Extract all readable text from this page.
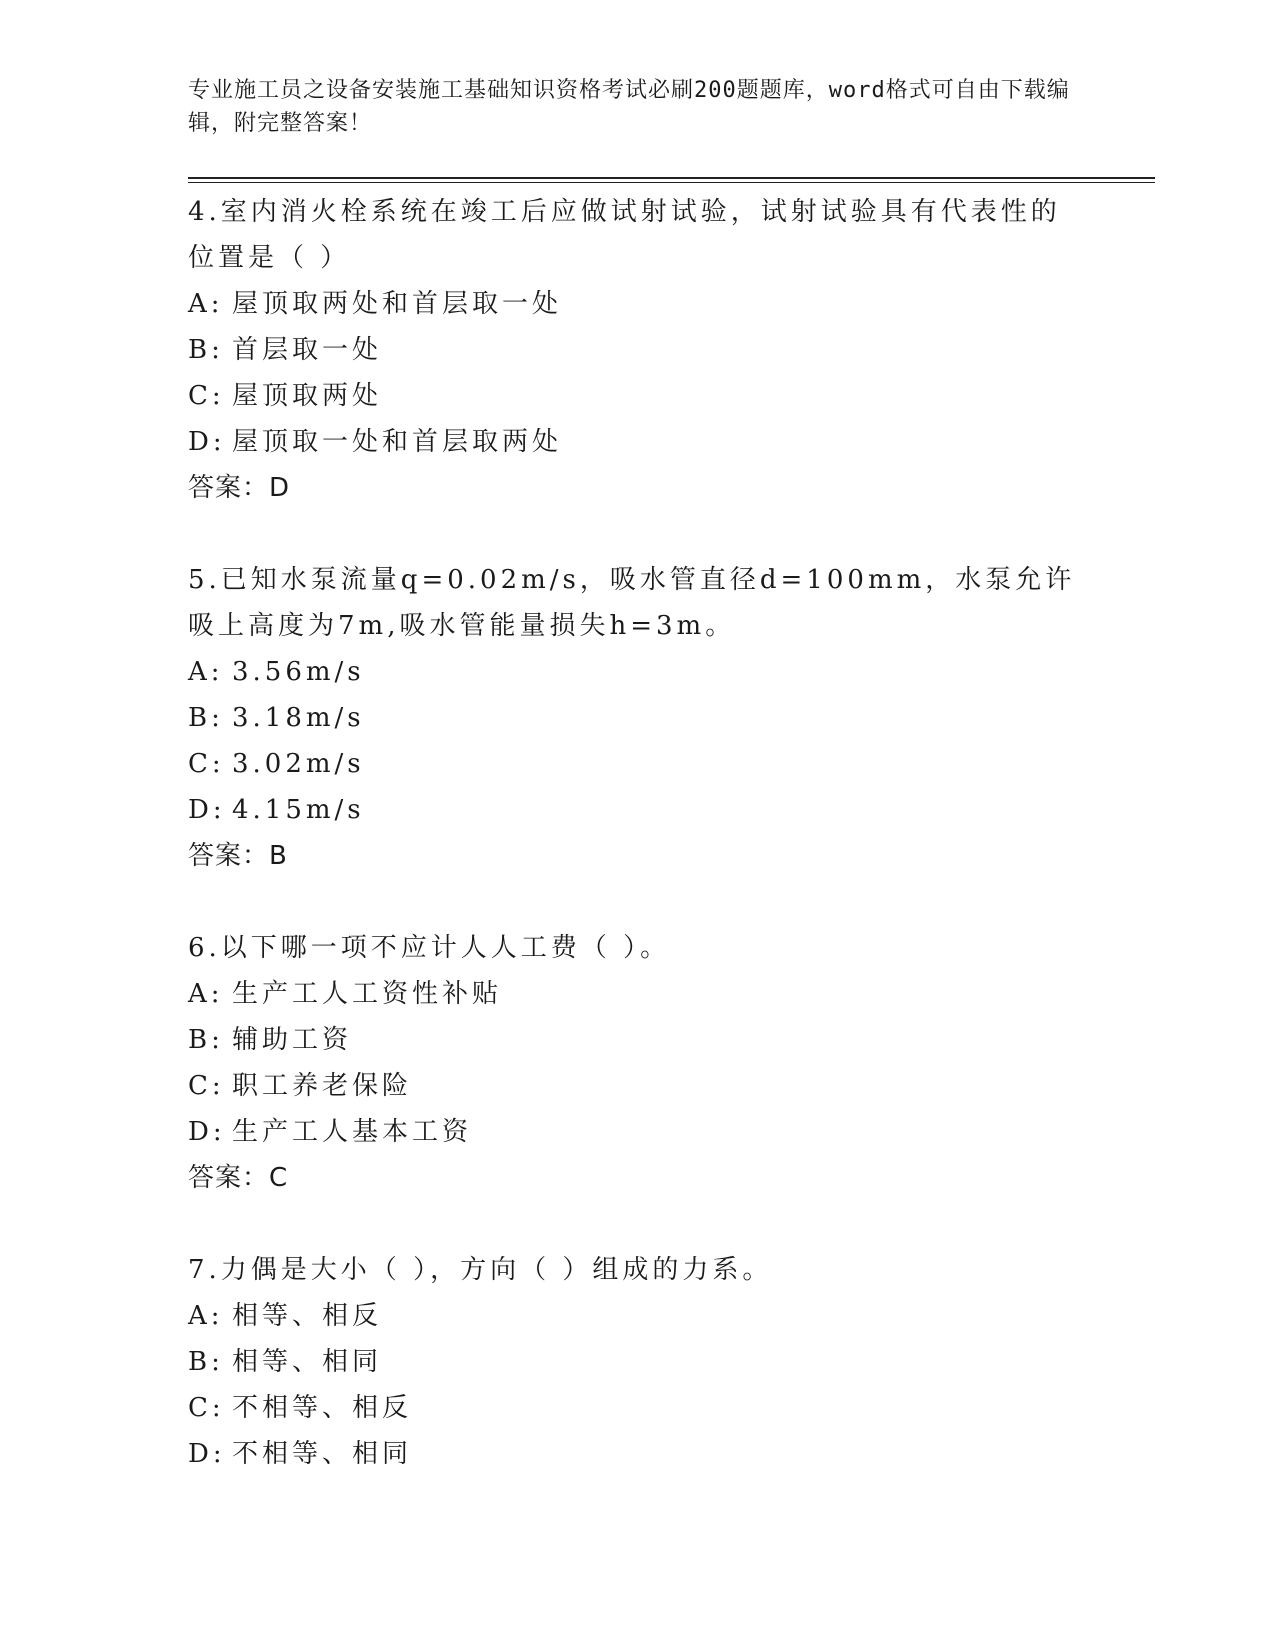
专业施工员之设备安装施工基础知识资格考试必刷200题题库，word格式可自由下载编辑，附完整答案！

4.室内消火栓系统在竣工后应做试射试验，试射试验具有代表性的位置是（ ）

A: 屋顶取两处和首层取一处

B: 首层取一处

C: 屋顶取两处

D: 屋顶取一处和首层取两处

答案：D

5.已知水泵流量q=0.02m/s，吸水管直径d=100mm，水泵允许吸上高度为7m,吸水管能量损失h=3m。

A: 3.56m/s

B: 3.18m/s

C: 3.02m/s

D: 4.15m/s

答案：B

6.以下哪一项不应计人人工费（ ）。

A: 生产工人工资性补贴

B: 辅助工资

C: 职工养老保险

D: 生产工人基本工资

答案：C

7.力偶是大小（ ），方向（ ）组成的力系。

A: 相等、相反

B: 相等、相同

C: 不相等、相反

D: 不相等、相同
